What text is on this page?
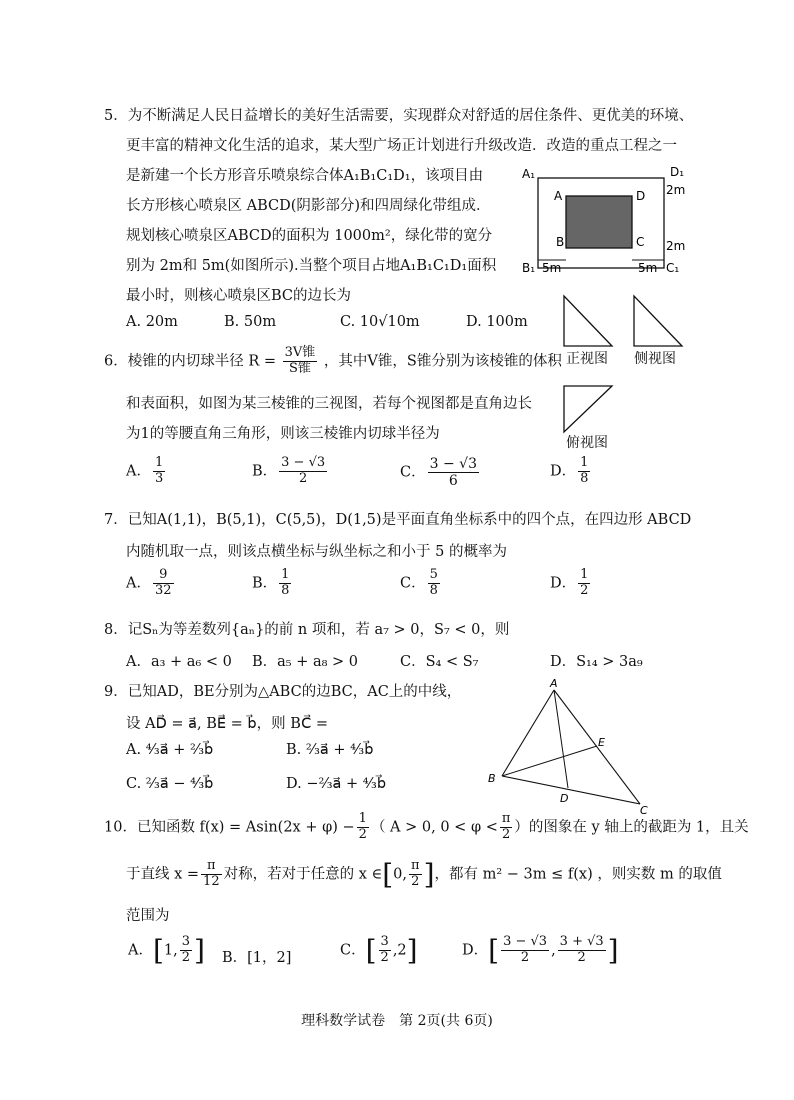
5．为不断满足人民日益增长的美好生活需要，实现群众对舒适的居住条件、更优美的环境、
更丰富的精神文化生活的追求，某大型广场正计划进行升级改造．改造的重点工程之一
是新建一个长方形音乐喷泉综合体A₁B₁C₁D₁，该项目由
长方形核心喷泉区 ABCD(阴影部分)和四周绿化带组成．
规划核心喷泉区ABCD的面积为 1000m²，绿化带的宽分
别为 2m和 5m(如图所示).当整个项目占地A₁B₁C₁D₁面积
最小时，则核心喷泉区BC的边长为
A. 20m	B. 50m	C. 10√10m	D. 100m
A₁	D₁
A	D
B	C
B₁	C₁
2m
2m
5m	5m
6．棱锥的内切球半径 $R = \frac{\text{3V锥}}{\text{S锥}}$ ，其中V锥，S锥分别为该棱锥的体积
和表面积，如图为某三棱锥的三视图，若每个视图都是直角边长
为1的等腰直角三角形，则该三棱锥内切球半径为
正视图 侧视图
俯视图
A． $\frac{1}{3}$	B． $\frac{3 - √3}{2}$	C． $\frac{3 - √3}{6}$	D． $\frac{1}{8}$
7．已知A(1,1)，B(5,1)，C(5,5)，D(1,5)是平面直角坐标系中的四个点，在四边形 ABCD
内随机取一点，则该点横坐标与纵坐标之和小于 5 的概率为
A． $\frac{9}{32}$	B． $\frac{1}{8}$	C． $\frac{5}{8}$	D． $\frac{1}{2}$
8．记Sₙ为等差数列{aₙ}的前 n 项和，若 a₇ > 0，S₇ < 0，则
A．a₃ + a₆ < 0 B．a₅ + a₈ > 0	C．S₄ < S₇	D．S₁₄ > 3a₉
9．已知AD，BE分别为△ABC的边BC，AC上的中线，
设 AD⃗ = a⃗, BE⃗ = b⃗，则 BC⃗ =
A. ⁴⁄₃a⃗ + ²⁄₃b⃗	B. ²⁄₃a⃗ + ⁴⁄₃b⃗
C. ²⁄₃a⃗ − ⁴⁄₃b⃗	D. −²⁄₃a⃗ + ⁴⁄₃b⃗
A
B
C
D
E
10．已知函数 $f(x) = Asin(2x + \varphi) - \frac{1}{2}$ （ A > 0, $0 < \varphi < \frac{\pi}{2}$ ）的图象在 y 轴上的截距为 1，且关
于直线 $x = \frac{\pi}{12}$ 对称，若对于任意的 x ∈[0, $\frac{\pi}{2}$ ]，都有 m² − 3m ≤ f(x) ，则实数 m 的取值
范围为
A．[1, $\frac{3}{2}$ ] B．[1，2]	C．[ $\frac{3}{2} ,2$]	D．[ $\frac{3 - √3}{2}$ , $\frac{3 + √3}{2}$ ]
理科数学试卷　第 2页(共 6页)
